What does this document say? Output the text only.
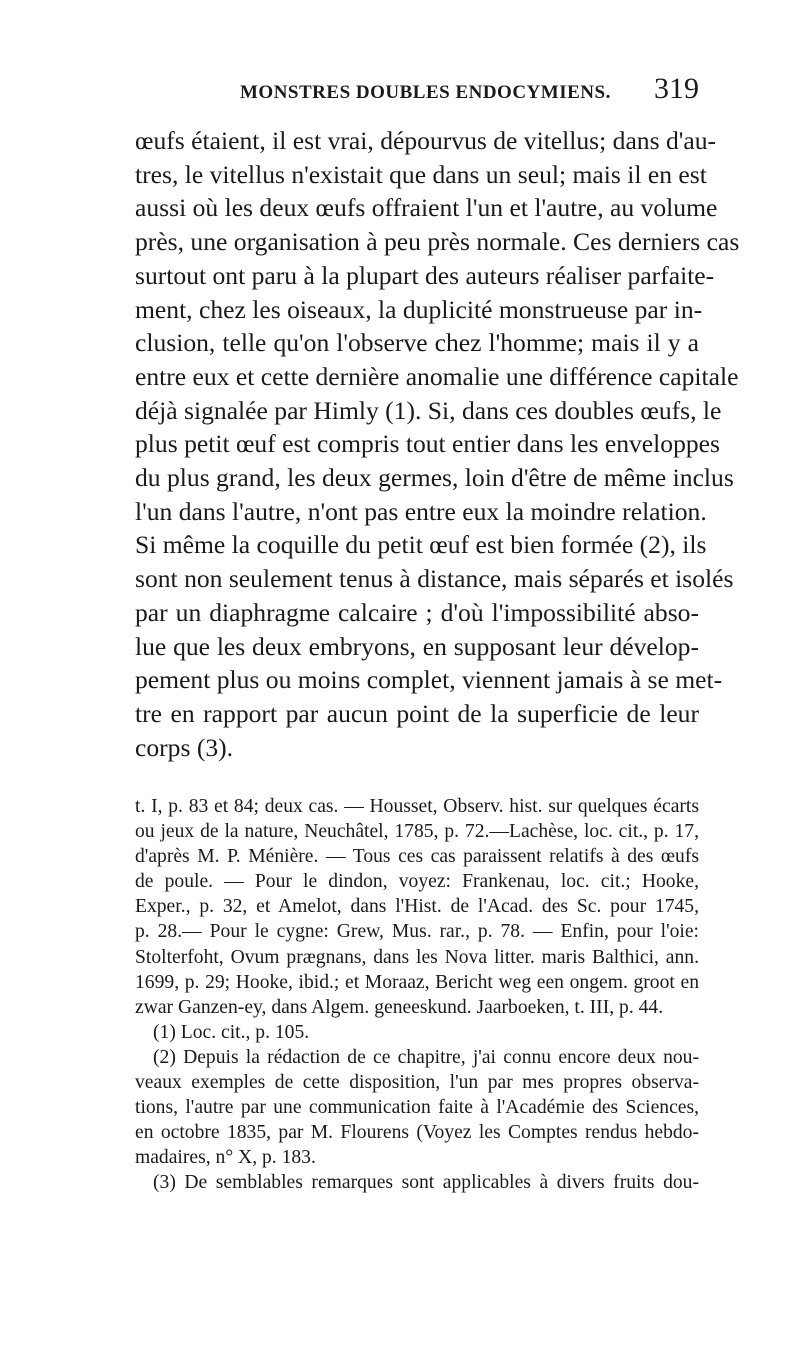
MONSTRES DOUBLES ENDOCYMIENS. 319
œufs étaient, il est vrai, dépourvus de vitellus; dans d'au-
tres, le vitellus n'existait que dans un seul; mais il en est
aussi où les deux œufs offraient l'un et l'autre, au volume
près, une organisation à peu près normale. Ces derniers cas
surtout ont paru à la plupart des auteurs réaliser parfaite-
ment, chez les oiseaux, la duplicité monstrueuse par in-
clusion, telle qu'on l'observe chez l'homme; mais il y a
entre eux et cette dernière anomalie une différence capitale
déjà signalée par Himly (1). Si, dans ces doubles œufs, le
plus petit œuf est compris tout entier dans les enveloppes
du plus grand, les deux germes, loin d'être de même inclus
l'un dans l'autre, n'ont pas entre eux la moindre relation.
Si même la coquille du petit œuf est bien formée (2), ils
sont non seulement tenus à distance, mais séparés et isolés
par un diaphragme calcaire ; d'où l'impossibilité abso-
lue que les deux embryons, en supposant leur dévelop-
pement plus ou moins complet, viennent jamais à se met-
tre en rapport par aucun point de la superficie de leur
corps (3).
t. I, p. 83 et 84; deux cas. — Housset, Observ. hist. sur quelques écarts
ou jeux de la nature, Neuchâtel, 1785, p. 72.—Lachèse, loc. cit., p. 17,
d'après M. P. Ménière. — Tous ces cas paraissent relatifs à des œufs
de poule. — Pour le dindon, voyez: Frankenau, loc. cit.; Hooke,
Exper., p. 32, et Amelot, dans l'Hist. de l'Acad. des Sc. pour 1745,
p. 28.— Pour le cygne: Grew, Mus. rar., p. 78. — Enfin, pour l'oie:
Stolterfoht, Ovum prægnans, dans les Nova litter. maris Balthici, ann.
1699, p. 29; Hooke, ibid.; et Moraaz, Bericht weg een ongem. groot en
zwar Ganzen-ey, dans Algem. geneeskund. Jaarboeken, t. III, p. 44.
(1) Loc. cit., p. 105.
(2) Depuis la rédaction de ce chapitre, j'ai connu encore deux nou-
veaux exemples de cette disposition, l'un par mes propres observa-
tions, l'autre par une communication faite à l'Académie des Sciences,
en octobre 1835, par M. Flourens (Voyez les Comptes rendus hebdo-
madaires, n° X, p. 183.
(3) De semblables remarques sont applicables à divers fruits dou-
